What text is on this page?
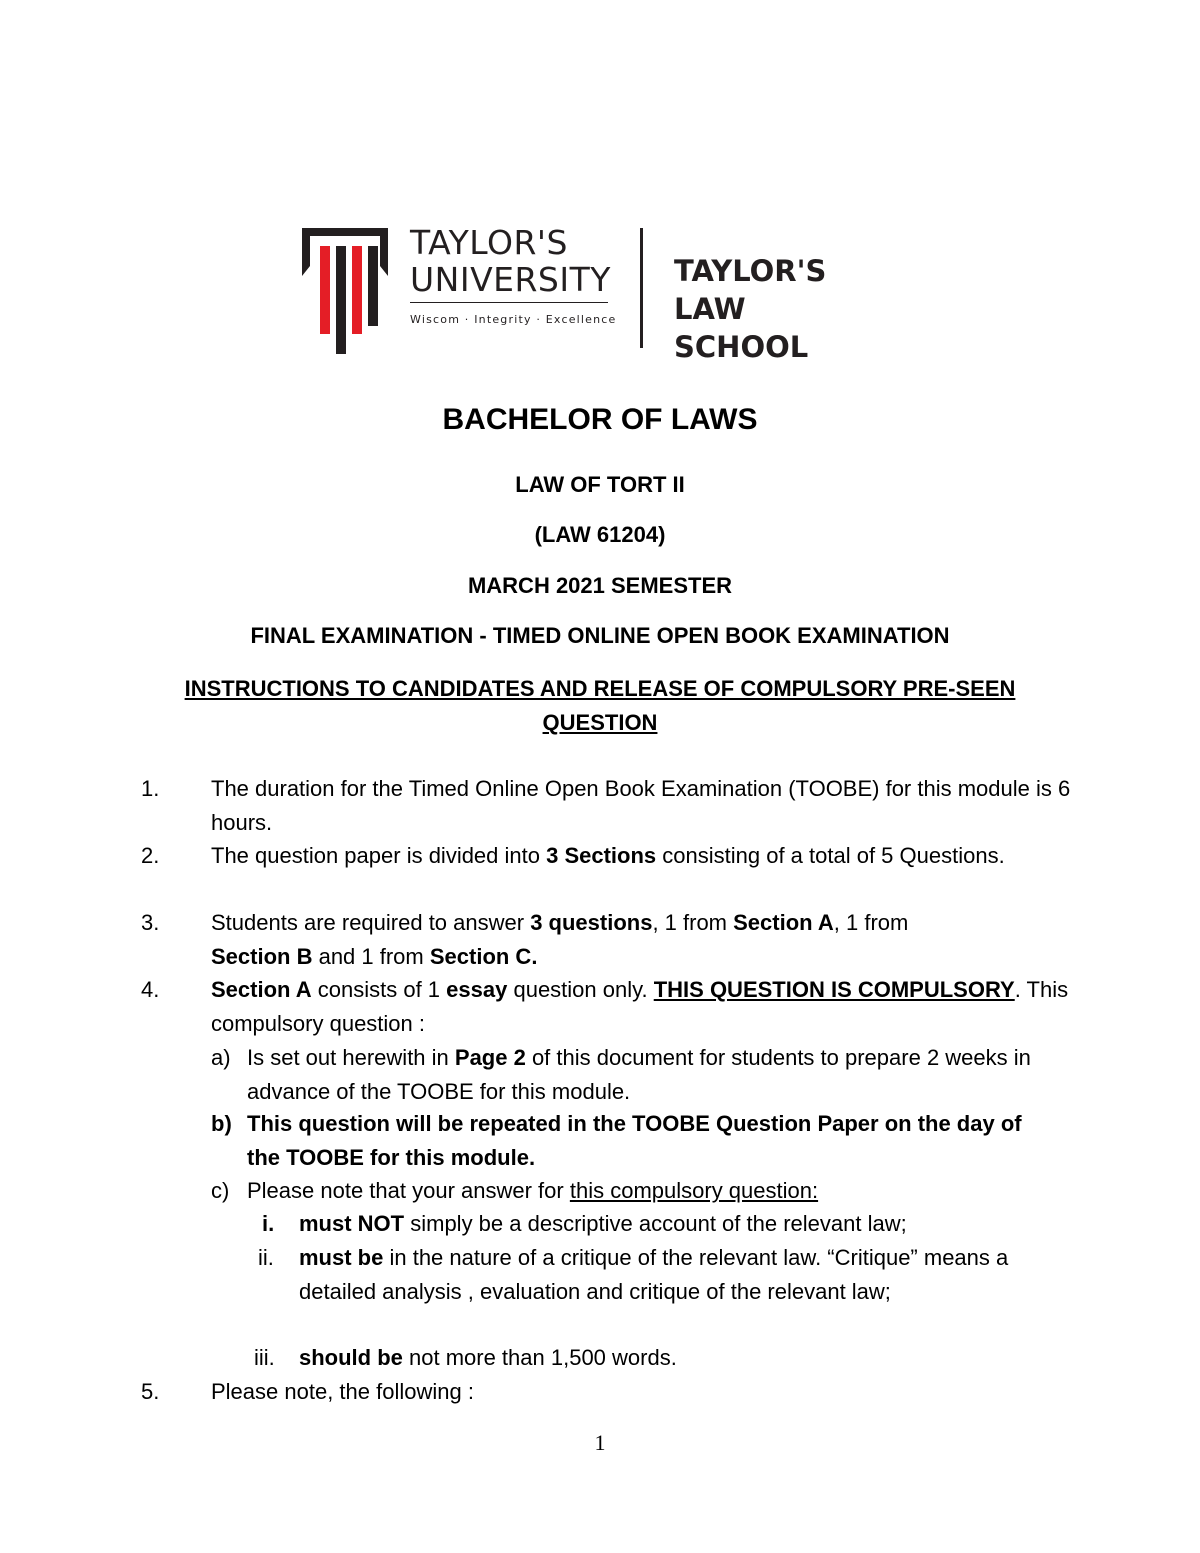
TAYLOR'S
UNIVERSITY
Wiscom · Integrity · Excellence
TAYLOR'S
LAW SCHOOL
BACHELOR OF LAWS
LAW OF TORT II
(LAW 61204)
MARCH 2021 SEMESTER
FINAL EXAMINATION - TIMED ONLINE OPEN BOOK EXAMINATION
INSTRUCTIONS TO CANDIDATES AND RELEASE OF COMPULSORY PRE-SEEN QUESTION
1. The duration for the Timed Online Open Book Examination (TOOBE) for this module is 6 hours.
2. The question paper is divided into 3 Sections consisting of a total of 5 Questions.
3. Students are required to answer 3 questions, 1 from Section A, 1 from
Section B and 1 from Section C.
4. Section A consists of 1 essay question only. THIS QUESTION IS COMPULSORY. This compulsory question :
a) Is set out herewith in Page 2 of this document for students to prepare 2 weeks in advance of the TOOBE for this module.
b) This question will be repeated in the TOOBE Question Paper on the day of the TOOBE for this module.
c) Please note that your answer for this compulsory question:
i. must NOT simply be a descriptive account of the relevant law;
ii. must be in the nature of a critique of the relevant law. “Critique” means a detailed analysis , evaluation and critique of the relevant law;
iii. should be not more than 1,500 words.
5. Please note, the following :
1
